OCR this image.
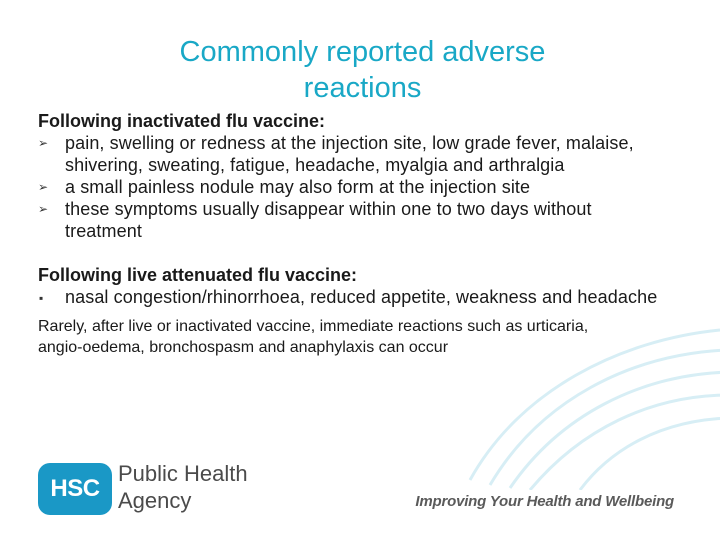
Commonly reported adverse reactions
Following inactivated flu vaccine:
➢ pain, swelling or redness at the injection site, low grade fever, malaise, shivering, sweating, fatigue, headache, myalgia and arthralgia
➢ a small painless nodule may also form at the injection site
➢ these symptoms usually disappear within one to two days without treatment
Following live attenuated flu vaccine:
▪	nasal congestion/rhinorrhoea, reduced appetite, weakness and headache
Rarely, after live or inactivated vaccine, immediate reactions such as urticaria, angio-oedema, bronchospasm and anaphylaxis can occur
HSC
Public Health
Agency	Improving Your Health and Wellbeing
